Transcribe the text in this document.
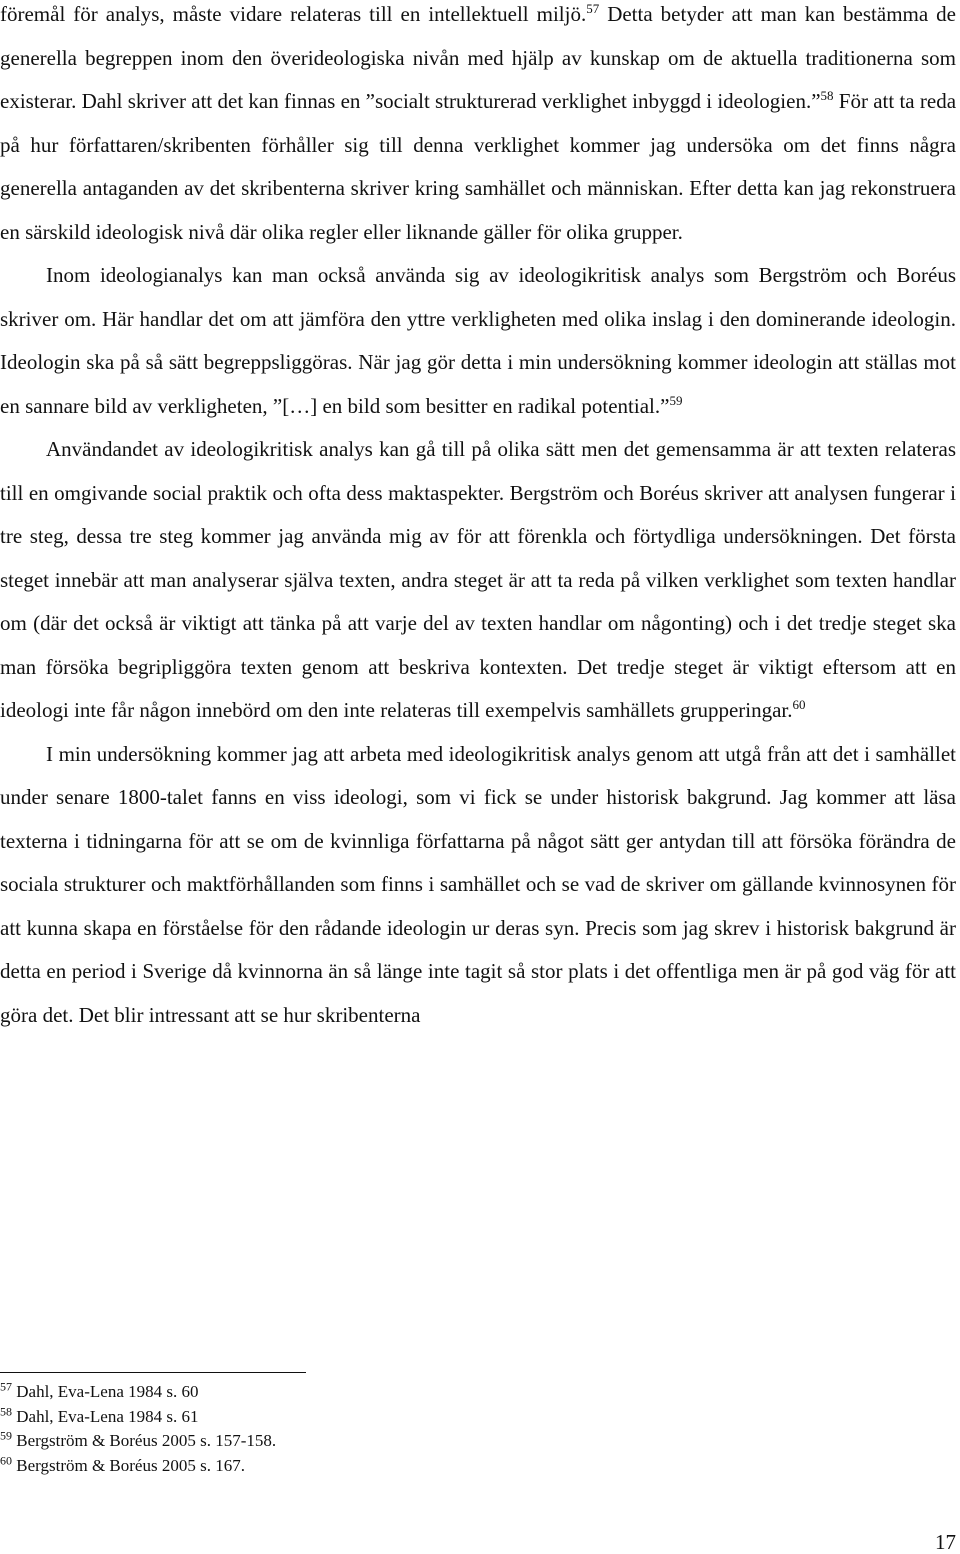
föremål för analys, måste vidare relateras till en intellektuell miljö.$^{57}$ Detta betyder att man kan bestämma de generella begreppen inom den överideologiska nivån med hjälp av kunskap om de aktuella traditionerna som existerar. Dahl skriver att det kan finnas en ”socialt strukturerad verklighet inbyggd i ideologien.”$^{58}$ För att ta reda på hur författaren/skribenten förhåller sig till denna verklighet kommer jag undersöka om det finns några generella antaganden av det skribenterna skriver kring samhället och människan. Efter detta kan jag rekonstruera en särskild ideologisk nivå där olika regler eller liknande gäller för olika grupper.

Inom ideologianalys kan man också använda sig av ideologikritisk analys som Bergström och Boréus skriver om. Här handlar det om att jämföra den yttre verkligheten med olika inslag i den dominerande ideologin. Ideologin ska på så sätt begreppsliggöras. När jag gör detta i min undersökning kommer ideologin att ställas mot en sannare bild av verkligheten, ”[…] en bild som besitter en radikal potential.”$^{59}$

Användandet av ideologikritisk analys kan gå till på olika sätt men det gemensamma är att texten relateras till en omgivande social praktik och ofta dess maktaspekter. Bergström och Boréus skriver att analysen fungerar i tre steg, dessa tre steg kommer jag använda mig av för att förenkla och förtydliga undersökningen. Det första steget innebär att man analyserar själva texten, andra steget är att ta reda på vilken verklighet som texten handlar om (där det också är viktigt att tänka på att varje del av texten handlar om någonting) och i det tredje steget ska man försöka begripliggöra texten genom att beskriva kontexten. Det tredje steget är viktigt eftersom att en ideologi inte får någon innebörd om den inte relateras till exempelvis samhällets grupperingar.$^{60}$

I min undersökning kommer jag att arbeta med ideologikritisk analys genom att utgå från att det i samhället under senare 1800-talet fanns en viss ideologi, som vi fick se under historisk bakgrund. Jag kommer att läsa texterna i tidningarna för att se om de kvinnliga författarna på något sätt ger antydan till att försöka förändra de sociala strukturer och maktförhållanden som finns i samhället och se vad de skriver om gällande kvinnosynen för att kunna skapa en förståelse för den rådande ideologin ur deras syn. Precis som jag skrev i historisk bakgrund är detta en period i Sverige då kvinnorna än så länge inte tagit så stor plats i det offentliga men är på god väg för att göra det. Det blir intressant att se hur skribenterna

$^{57}$ Dahl, Eva-Lena 1984 s. 60
$^{58}$ Dahl, Eva-Lena 1984 s. 61
$^{59}$ Bergström & Boréus 2005 s. 157-158.
$^{60}$ Bergström & Boréus 2005 s. 167.
17
